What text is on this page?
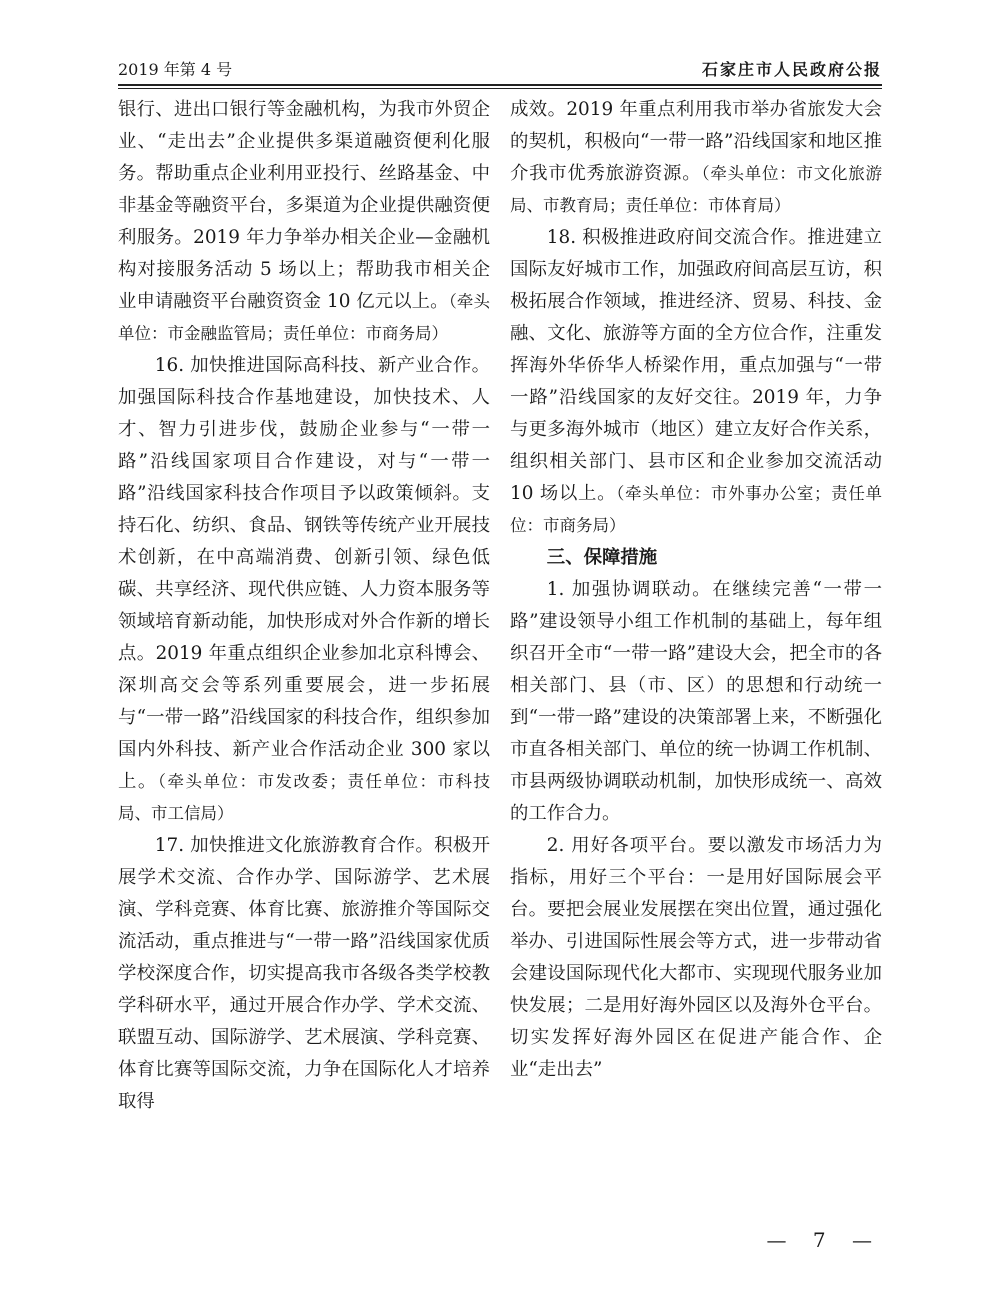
2019 年第 4 号	石家庄市人民政府公报

银行、进出口银行等金融机构，为我市外贸企业、“走出去”企业提供多渠道融资便利化服务。帮助重点企业利用亚投行、丝路基金、中非基金等融资平台，多渠道为企业提供融资便利服务。2019 年力争举办相关企业—金融机构对接服务活动 5 场以上；帮助我市相关企业申请融资平台融资资金 10 亿元以上。（牵头单位：市金融监管局；责任单位：市商务局）

16. 加快推进国际高科技、新产业合作。加强国际科技合作基地建设，加快技术、人才、智力引进步伐，鼓励企业参与“一带一路”沿线国家项目合作建设，对与“一带一路”沿线国家科技合作项目予以政策倾斜。支持石化、纺织、食品、钢铁等传统产业开展技术创新，在中高端消费、创新引领、绿色低碳、共享经济、现代供应链、人力资本服务等领域培育新动能，加快形成对外合作新的增长点。2019 年重点组织企业参加北京科博会、深圳高交会等系列重要展会，进一步拓展与“一带一路”沿线国家的科技合作，组织参加国内外科技、新产业合作活动企业 300 家以上。（牵头单位：市发改委；责任单位：市科技局、市工信局）

17. 加快推进文化旅游教育合作。积极开展学术交流、合作办学、国际游学、艺术展演、学科竞赛、体育比赛、旅游推介等国际交流活动，重点推进与“一带一路”沿线国家优质学校深度合作，切实提高我市各级各类学校教学科研水平，通过开展合作办学、学术交流、联盟互动、国际游学、艺术展演、学科竞赛、体育比赛等国际交流，力争在国际化人才培养取得

成效。2019 年重点利用我市举办省旅发大会的契机，积极向“一带一路”沿线国家和地区推介我市优秀旅游资源。（牵头单位：市文化旅游局、市教育局；责任单位：市体育局）

18. 积极推进政府间交流合作。推进建立国际友好城市工作，加强政府间高层互访，积极拓展合作领域，推进经济、贸易、科技、金融、文化、旅游等方面的全方位合作，注重发挥海外华侨华人桥梁作用，重点加强与“一带一路”沿线国家的友好交往。2019 年，力争与更多海外城市（地区）建立友好合作关系，组织相关部门、县市区和企业参加交流活动 10 场以上。（牵头单位：市外事办公室；责任单位：市商务局）

三、保障措施

1. 加强协调联动。在继续完善“一带一路”建设领导小组工作机制的基础上，每年组织召开全市“一带一路”建设大会，把全市的各相关部门、县（市、区）的思想和行动统一到“一带一路”建设的决策部署上来，不断强化市直各相关部门、单位的统一协调工作机制、市县两级协调联动机制，加快形成统一、高效的工作合力。

2. 用好各项平台。要以激发市场活力为指标，用好三个平台：一是用好国际展会平台。要把会展业发展摆在突出位置，通过强化举办、引进国际性展会等方式，进一步带动省会建设国际现代化大都市、实现现代服务业加快发展；二是用好海外园区以及海外仓平台。切实发挥好海外园区在促进产能合作、企业“走出去”

— 7 —
